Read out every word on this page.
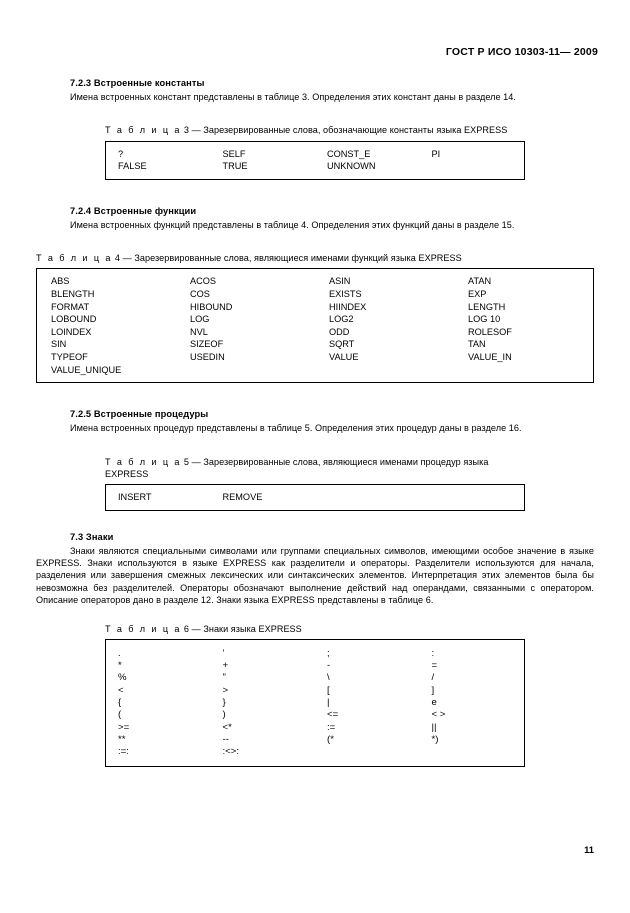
ГОСТ Р ИСО 10303-11— 2009
7.2.3 Встроенные константы

Имена встроенных констант представлены в таблице 3. Определения этих констант даны в разделе 14.

Т а б л и ц а 3 — Зарезервированные слова, обозначающие константы языка EXPRESS
?	SELF	CONST_E	PI
FALSE	TRUE	UNKNOWN
7.2.4 Встроенные функции

Имена встроенных функций представлены в таблице 4. Определения этих функций даны в разделе 15.

Т а б л и ц а 4 — Зарезервированные слова, являющиеся именами функций языка EXPRESS
ABS	ACOS	ASIN	ATAN
BLENGTH	COS	EXISTS	EXP
FORMAT	HIBOUND	HIINDEX	LENGTH
LOBOUND	LOG	LOG2	LOG 10
LOINDEX	NVL	ODD	ROLESOF
SIN	SIZEOF	SQRT	TAN
TYPEOF	USEDIN	VALUE	VALUE_IN
VALUE_UNIQUE
7.2.5 Встроенные процедуры

Имена встроенных процедур представлены в таблице 5. Определения этих процедур даны в разделе 16.

Т а б л и ц а 5 — Зарезервированные слова, являющиеся именами процедур языка
EXPRESS
INSERT	REMOVE
7.3 Знаки

Знаки являются специальными символами или группами специальных символов, имеющими особое значение в языке EXPRESS. Знаки используются в языке EXPRESS как разделители и операторы. Разделители используются для начала, разделения или завершения смежных лексических или синтаксических элементов. Интерпретация этих элементов была бы невозможна без разделителей. Операторы обозначают выполнение действий над операндами, связанными с оператором. Описание операторов дано в разделе 12. Знаки языка EXPRESS представлены в таблице 6.

Т а б л и ц а 6 — Знаки языка EXPRESS
.	'	;	:
*	+	-	=
%	"	\	/
<	>	[	]
{	}	|	e
(	)	<=	< >
>=	<*	:=	||
**	--	(*	*)
:=:	:<>:
11
